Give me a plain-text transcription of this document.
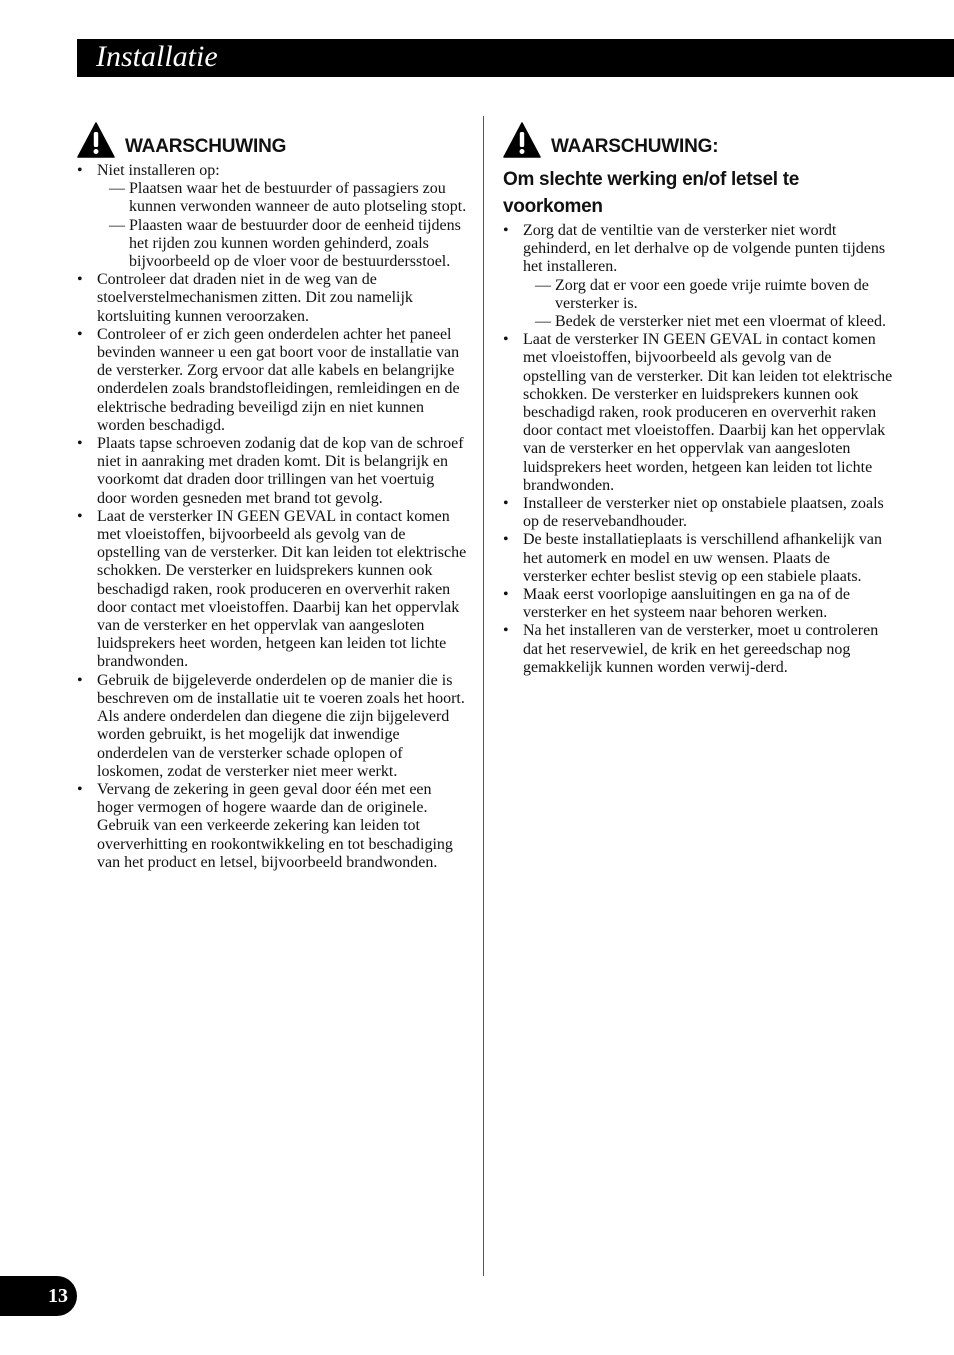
Installatie
WAARSCHUWING
• Niet installeren op:
— Plaatsen waar het de bestuurder of passagiers zou kunnen verwonden wanneer de auto plotseling stopt.
— Plaasten waar de bestuurder door de eenheid tijdens het rijden zou kunnen worden gehinderd, zoals bijvoorbeeld op de vloer voor de bestuurdersstoel.
• Controleer dat draden niet in de weg van de stoelverstelmechanismen zitten. Dit zou namelijk kortsluiting kunnen veroorzaken.
• Controleer of er zich geen onderdelen achter het paneel bevinden wanneer u een gat boort voor de installatie van de versterker. Zorg ervoor dat alle kabels en belangrijke onderdelen zoals brandstofleidingen, remleidingen en de elektrische bedrading beveiligd zijn en niet kunnen worden beschadigd.
• Plaats tapse schroeven zodanig dat de kop van de schroef niet in aanraking met draden komt. Dit is belangrijk en voorkomt dat draden door trillingen van het voertuig door worden gesneden met brand tot gevolg.
• Laat de versterker IN GEEN GEVAL in contact komen met vloeistoffen, bijvoorbeeld als gevolg van de opstelling van de versterker. Dit kan leiden tot elektrische schokken. De versterker en luidsprekers kunnen ook beschadigd raken, rook produceren en oververhit raken door contact met vloeistoffen. Daarbij kan het oppervlak van de versterker en het oppervlak van aangesloten luidsprekers heet worden, hetgeen kan leiden tot lichte brandwonden.
• Gebruik de bijgeleverde onderdelen op de manier die is beschreven om de installatie uit te voeren zoals het hoort. Als andere onderdelen dan diegene die zijn bijgeleverd worden gebruikt, is het mogelijk dat inwendige onderdelen van de versterker schade oplopen of loskomen, zodat de versterker niet meer werkt.
• Vervang de zekering in geen geval door één met een hoger vermogen of hogere waarde dan de originele. Gebruik van een verkeerde zekering kan leiden tot oververhitting en rookontwikkeling en tot beschadiging van het product en letsel, bijvoorbeeld brandwonden.
WAARSCHUWING:
Om slechte werking en/of letsel te voorkomen
• Zorg dat de ventiltie van de versterker niet wordt gehinderd, en let derhalve op de volgende punten tijdens het installeren.
— Zorg dat er voor een goede vrije ruimte boven de versterker is.
— Bedek de versterker niet met een vloermat of kleed.
• Laat de versterker IN GEEN GEVAL in contact komen met vloeistoffen, bijvoorbeeld als gevolg van de opstelling van de versterker. Dit kan leiden tot elektrische schokken. De versterker en luidsprekers kunnen ook beschadigd raken, rook produceren en oververhit raken door contact met vloeistoffen. Daarbij kan het oppervlak van de versterker en het oppervlak van aangesloten luidsprekers heet worden, hetgeen kan leiden tot lichte brandwonden.
• Installeer de versterker niet op onstabiele plaatsen, zoals op de reservebandhouder.
• De beste installatieplaats is verschillend afhankelijk van het automerk en model en uw wensen. Plaats de versterker echter beslist stevig op een stabiele plaats.
• Maak eerst voorlopige aansluitingen en ga na of de versterker en het systeem naar behoren werken.
• Na het installeren van de versterker, moet u controleren dat het reservewiel, de krik en het gereedschap nog gemakkelijk kunnen worden verwij-derd.
13
